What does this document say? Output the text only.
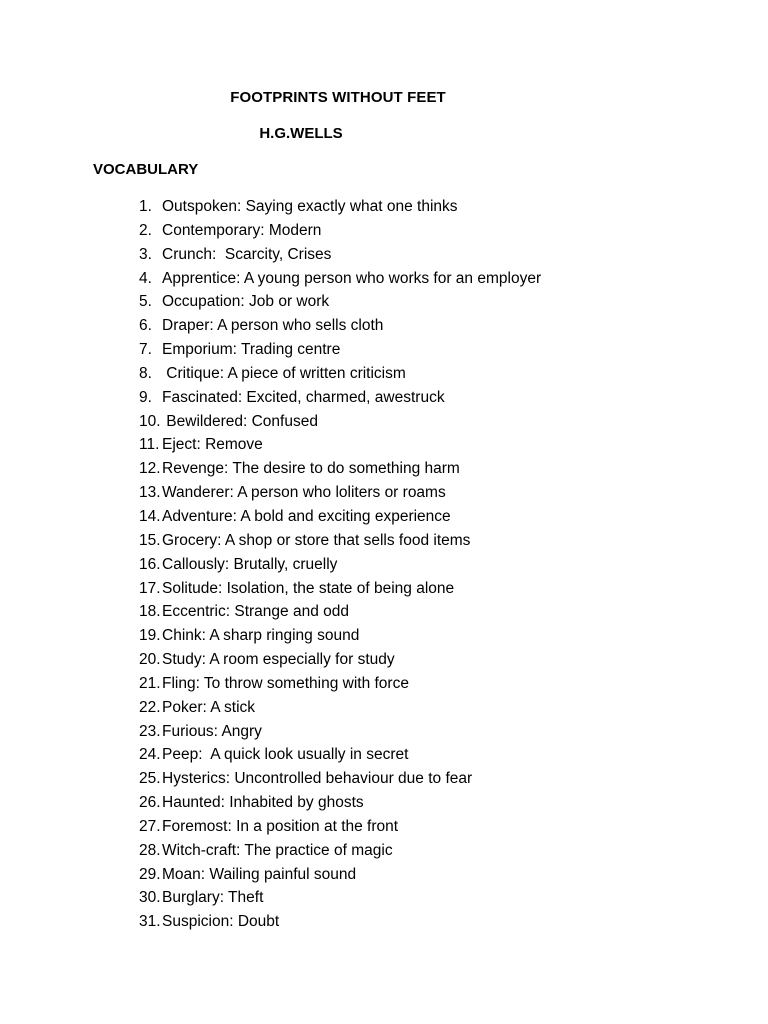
FOOTPRINTS WITHOUT FEET
H.G.WELLS
VOCABULARY
1. Outspoken: Saying exactly what one thinks
2. Contemporary: Modern
3. Crunch:  Scarcity, Crises
4. Apprentice: A young person who works for an employer
5. Occupation: Job or work
6. Draper: A person who sells cloth
7. Emporium: Trading centre
8. Critique: A piece of written criticism
9. Fascinated: Excited, charmed, awestruck
10. Bewildered: Confused
11. Eject: Remove
12. Revenge: The desire to do something harm
13. Wanderer: A person who loliters or roams
14. Adventure: A bold and exciting experience
15. Grocery: A shop or store that sells food items
16. Callously: Brutally, cruelly
17. Solitude: Isolation, the state of being alone
18. Eccentric: Strange and odd
19. Chink: A sharp ringing sound
20. Study: A room especially for study
21. Fling: To throw something with force
22. Poker: A stick
23. Furious: Angry
24. Peep:  A quick look usually in secret
25. Hysterics: Uncontrolled behaviour due to fear
26. Haunted: Inhabited by ghosts
27. Foremost: In a position at the front
28. Witch-craft: The practice of magic
29. Moan: Wailing painful sound
30. Burglary: Theft
31. Suspicion: Doubt
